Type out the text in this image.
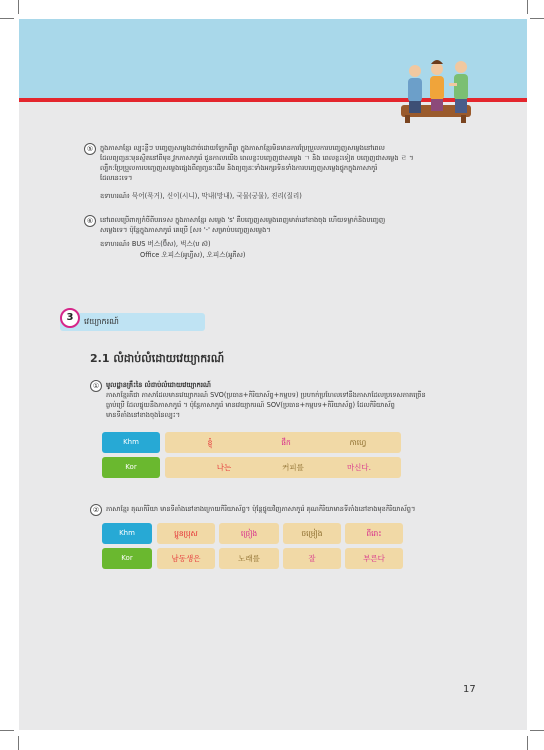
⑤	ក្នុងភាសាខ្មែរ ល្បះខ្លីៗ បញ្ចេញសម្លេងដាច់ដោយឡែកពីគ្នា ក្នុងភាសាខ្មែរមិនមានការប្រែប្រួលការបញ្ចេញសម្លេងនៅពេល
ដែលព្យញ្ជនៈមុនស្ថិតនៅពីមុខ វ្ពកភាសាកូរ៉េ ជួនកាលយើង ពេលខ្លះបញ្ចេញជាសម្លេង ㄱ និង ពេលខ្លះទៀត បញ្ចេញជាសម្លេង ㄹ ។
ល្បឹក:ប្រែប្រួលការបញ្ចេញសម្លេងផ្សេងពីព្យញ្ជនៈដើម និងព្យញ្ជនៈទាំងអក្សរទិនទាំងការបញ្ចេញសម្លេងផ្ទុកក្នុងភាសាកូរ៉
ដែលនេះទេ។
ឧទាហរណ៍៖ 묵어(묵거), 신이(시니), 막내(망내), 국물(궁물), 진리(질리)
⑥	នៅពេលប្រើពាក្យកំចីពីបរទេស ក្នុងភាសាខ្មែរ សម្លេង 's' គឺបញ្ចេញសម្លេងពេញមាត់នៅខាងចុង ហើយទម្លាក់និងបញ្ចេញ
សម្លេងទេ។ ប៉ុន្តែក្នុងភាសាកូរ៉េ គេប្រើ [ស៖ '-' សម្រាប់បញ្ចេញសម្លេង។
ឧទាហរណ៍៖ BUS 버스(ប៊ឹស), 벅스(ប ស៊)
Office 오피스(អូហ្វីស), 오피스(អូភីស)
3	វេយ្យាករណ៍
2.1 លំដាប់លំដោយវេយ្យាករណ៍
①	មូលដ្ឋានគ្រឹះនៃ លំដាប់លំដោយវេយ្យាករណ៍
ភាសាខ្មែរគឺជា ភាសាដែលមានវេយ្យាករណ៍ SVO(ប្រធាន+កិរិយាស័ព្ទ+កម្មបទ) ប្រហាក់ប្រហែលទៅនឹងភាសាដែលប្រទេសភាគច្រើន
ធ្លាប់ប្រើ ដែលផ្ទុយនឹងភាសាកូរ៉េ ។ ប៉ុន្តែភាសាកូរ៉េ មានវេយ្យាករណ៍ SOV(ប្រធាន+កម្មបទ+កិរិយាស័ព្ទ) ដែលកិរិយាស័ព្ទ
មានទីតាំងនៅខាងចុងនៃល្បះ។
Khm	ខ្ញុំ	ផឹក	កាហ្វេ
Kor	나는	커피를	마신다.
②	ភាសាខ្មែរ គុណកិរិយា មានទីតាំងនៅខាងក្រោយកិរិយាស័ព្ទ។ ប៉ុន្តែផ្ទុយវិញភាសាកូរ៉េ គុណកិរិយាមានទីតាំងនៅខាងមុខកិរិយាស័ព្ទ។
Khm	ប្អូនប្រុស	ច្រៀង	ចម្រៀង	ពីរោះ
Kor	남동생은	노래를	잘	부른다
17
